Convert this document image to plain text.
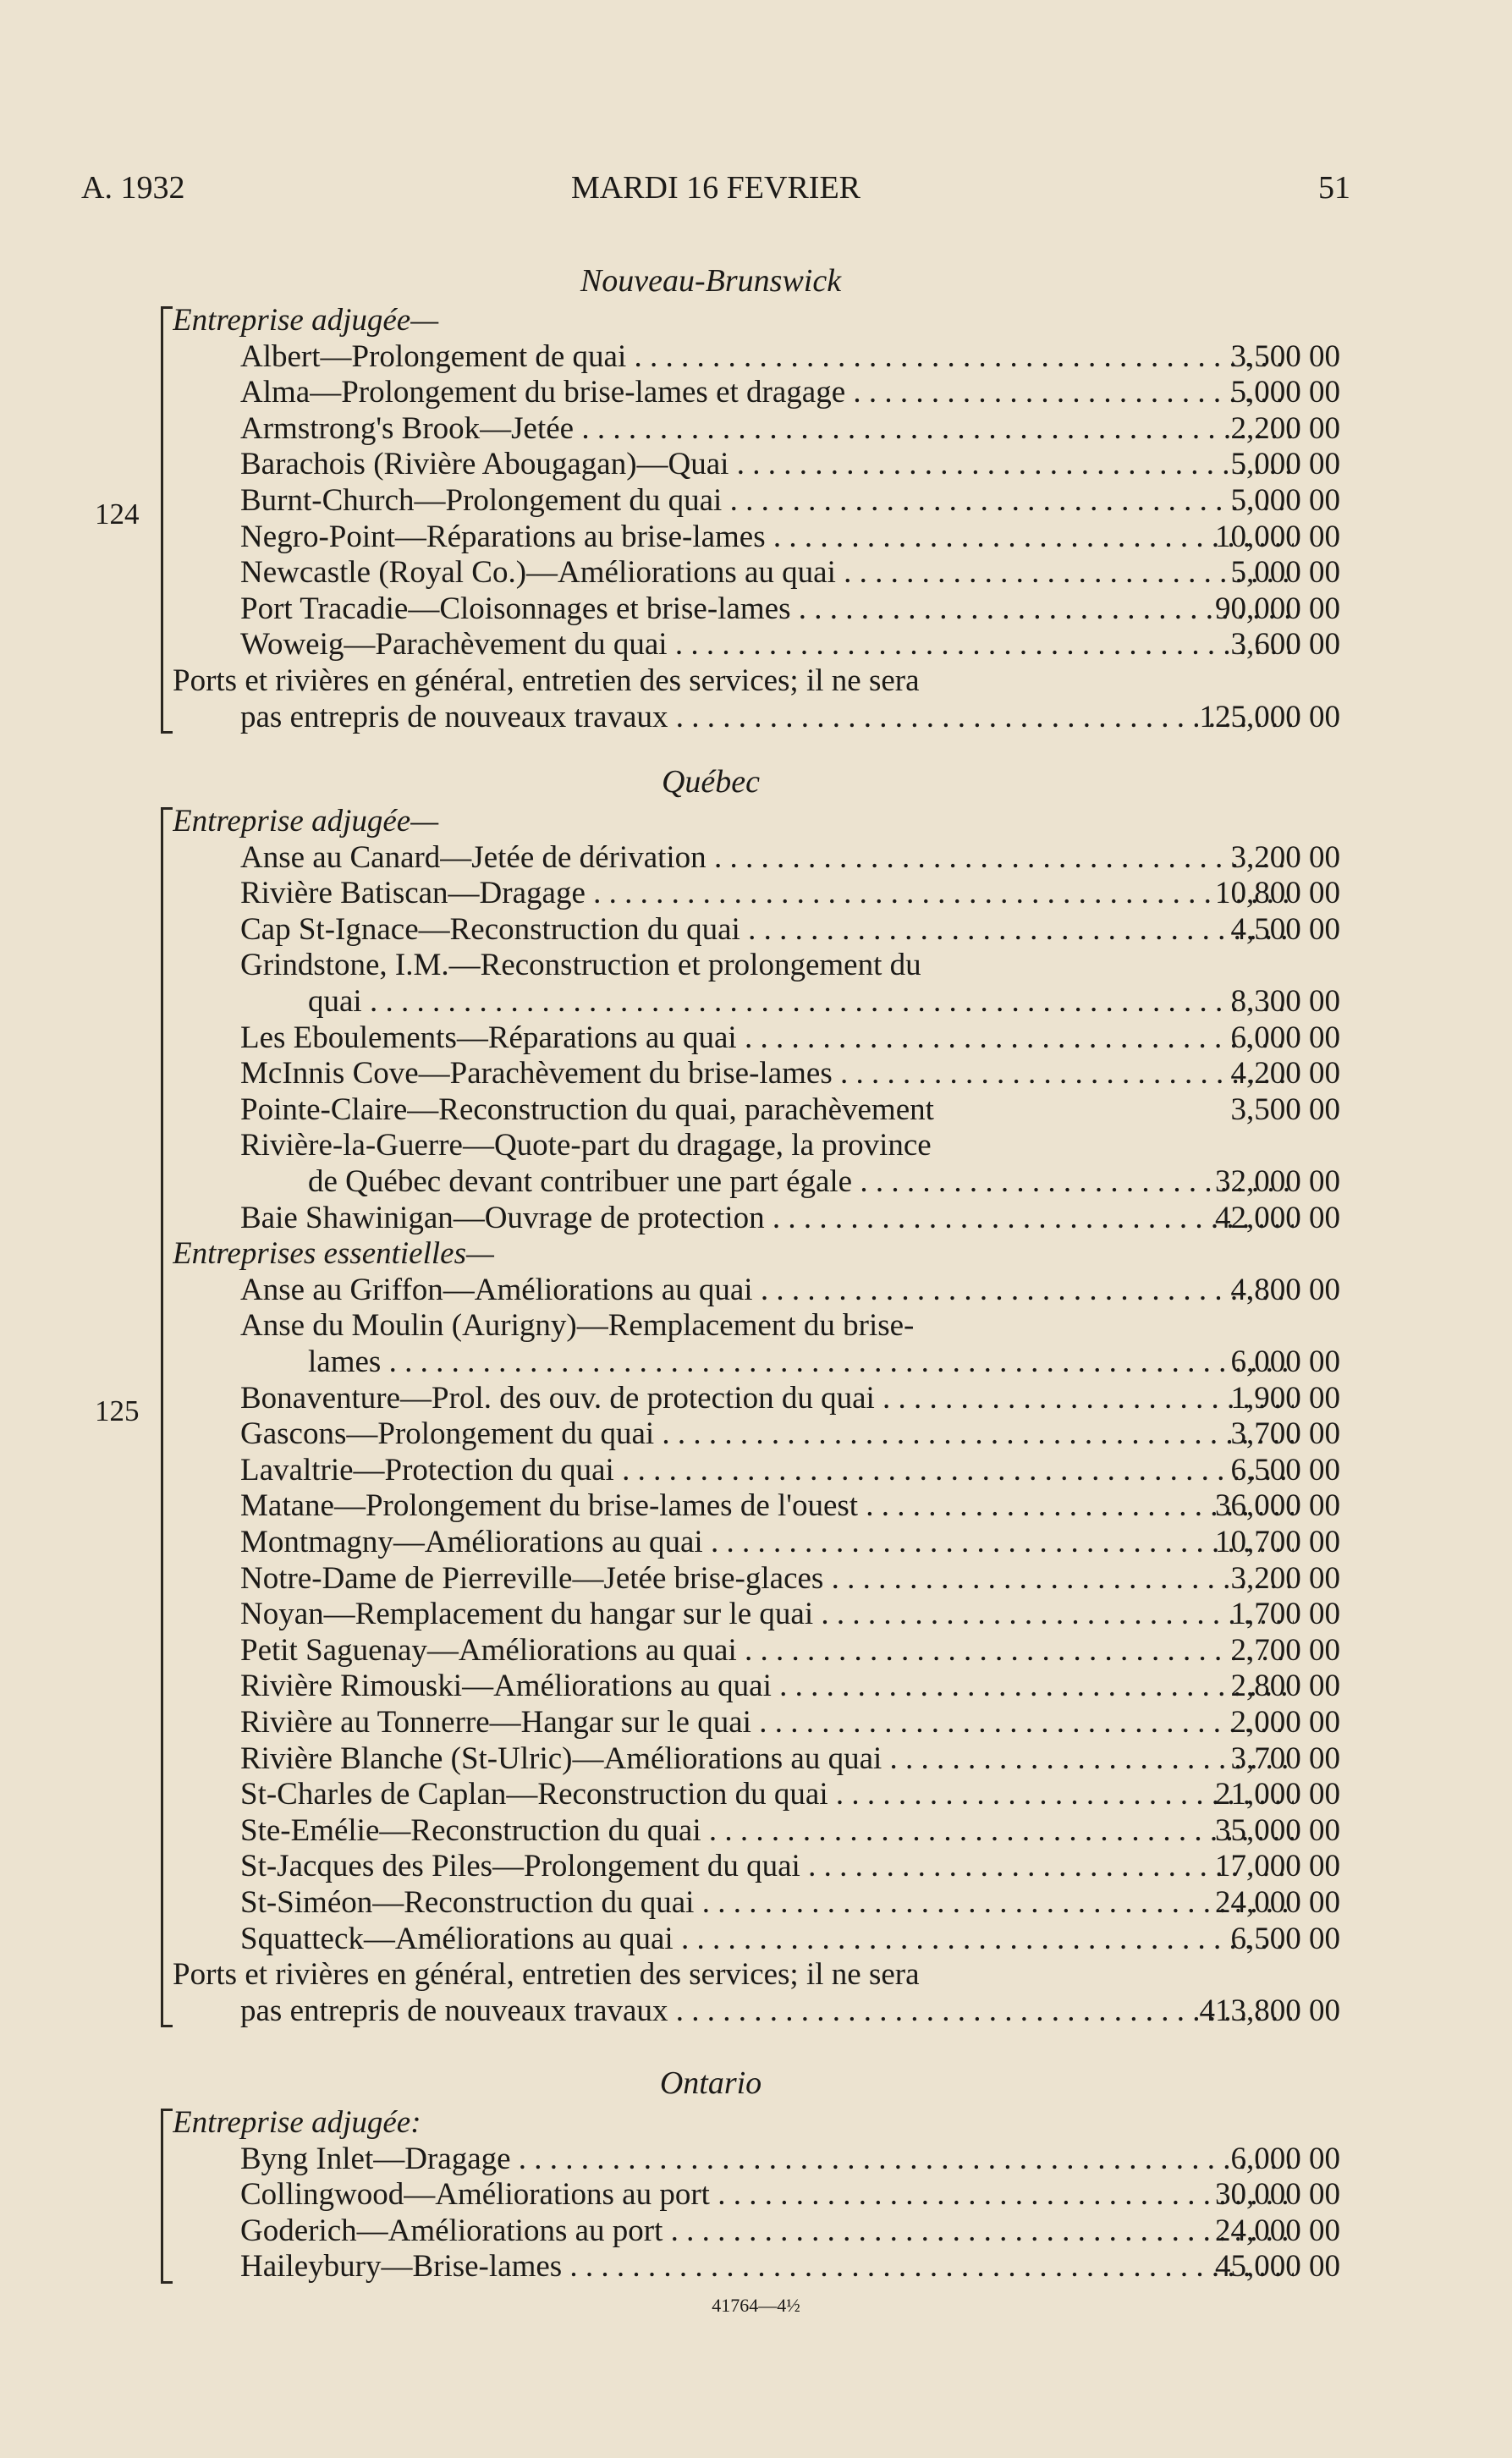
A. 1932	MARDI 16 FEVRIER	51
Nouveau-Brunswick
124
Entreprise adjugée—
Albert—Prolongement de quai . . .	3,500 00
Alma—Prolongement du brise-lames et dragage . . .	5,000 00
Armstrong's Brook—Jetée . . .	2,200 00
Barachois (Rivière Abougagan)—Quai . . .	5,000 00
Burnt-Church—Prolongement du quai . . .	5,000 00
Negro-Point—Réparations au brise-lames . . .	10,000 00
Newcastle (Royal Co.)—Améliorations au quai . . .	5,000 00
Port Tracadie—Cloisonnages et brise-lames . . .	90,000 00
Woweig—Parachèvement du quai . . .	3,600 00
Ports et rivières en général, entretien des services; il ne sera
pas entrepris de nouveaux travaux . . .	125,000 00
Québec
125
Entreprise adjugée—
Anse au Canard—Jetée de dérivation . . .	3,200 00
Rivière Batiscan—Dragage . . .	10,800 00
Cap St-Ignace—Reconstruction du quai . . .	4,500 00
Grindstone, I.M.—Reconstruction et prolongement du
quai . . .	8,300 00
Les Eboulements—Réparations au quai . . .	6,000 00
McInnis Cove—Parachèvement du brise-lames . . .	4,200 00
Pointe-Claire—Reconstruction du quai, parachèvement	3,500 00
Rivière-la-Guerre—Quote-part du dragage, la province
de Québec devant contribuer une part égale . . .	32,000 00
Baie Shawinigan—Ouvrage de protection . . .	42,000 00
Entreprises essentielles—
Anse au Griffon—Améliorations au quai . . .	4,800 00
Anse du Moulin (Aurigny)—Remplacement du brise-
lames . . .	6,000 00
Bonaventure—Prol. des ouv. de protection du quai . . .	1,900 00
Gascons—Prolongement du quai . . .	3,700 00
Lavaltrie—Protection du quai . . .	6,500 00
Matane—Prolongement du brise-lames de l'ouest . . .	36,000 00
Montmagny—Améliorations au quai . . .	10,700 00
Notre-Dame de Pierreville—Jetée brise-glaces . . .	3,200 00
Noyan—Remplacement du hangar sur le quai . . .	1,700 00
Petit Saguenay—Améliorations au quai . . .	2,700 00
Rivière Rimouski—Améliorations au quai . . .	2,800 00
Rivière au Tonnerre—Hangar sur le quai . . .	2,000 00
Rivière Blanche (St-Ulric)—Améliorations au quai . . .	3,700 00
St-Charles de Caplan—Reconstruction du quai . . .	21,000 00
Ste-Emélie—Reconstruction du quai . . .	35,000 00
St-Jacques des Piles—Prolongement du quai . . .	17,000 00
St-Siméon—Reconstruction du quai . . .	24,000 00
Squatteck—Améliorations au quai . . .	6,500 00
Ports et rivières en général, entretien des services; il ne sera
pas entrepris de nouveaux travaux . . .	413,800 00
Ontario
Entreprise adjugée:
Byng Inlet—Dragage . . .	6,000 00
Collingwood—Améliorations au port . . .	30,000 00
Goderich—Améliorations au port . . .	24,000 00
Haileybury—Brise-lames . . .	45,000 00
41764—4½
